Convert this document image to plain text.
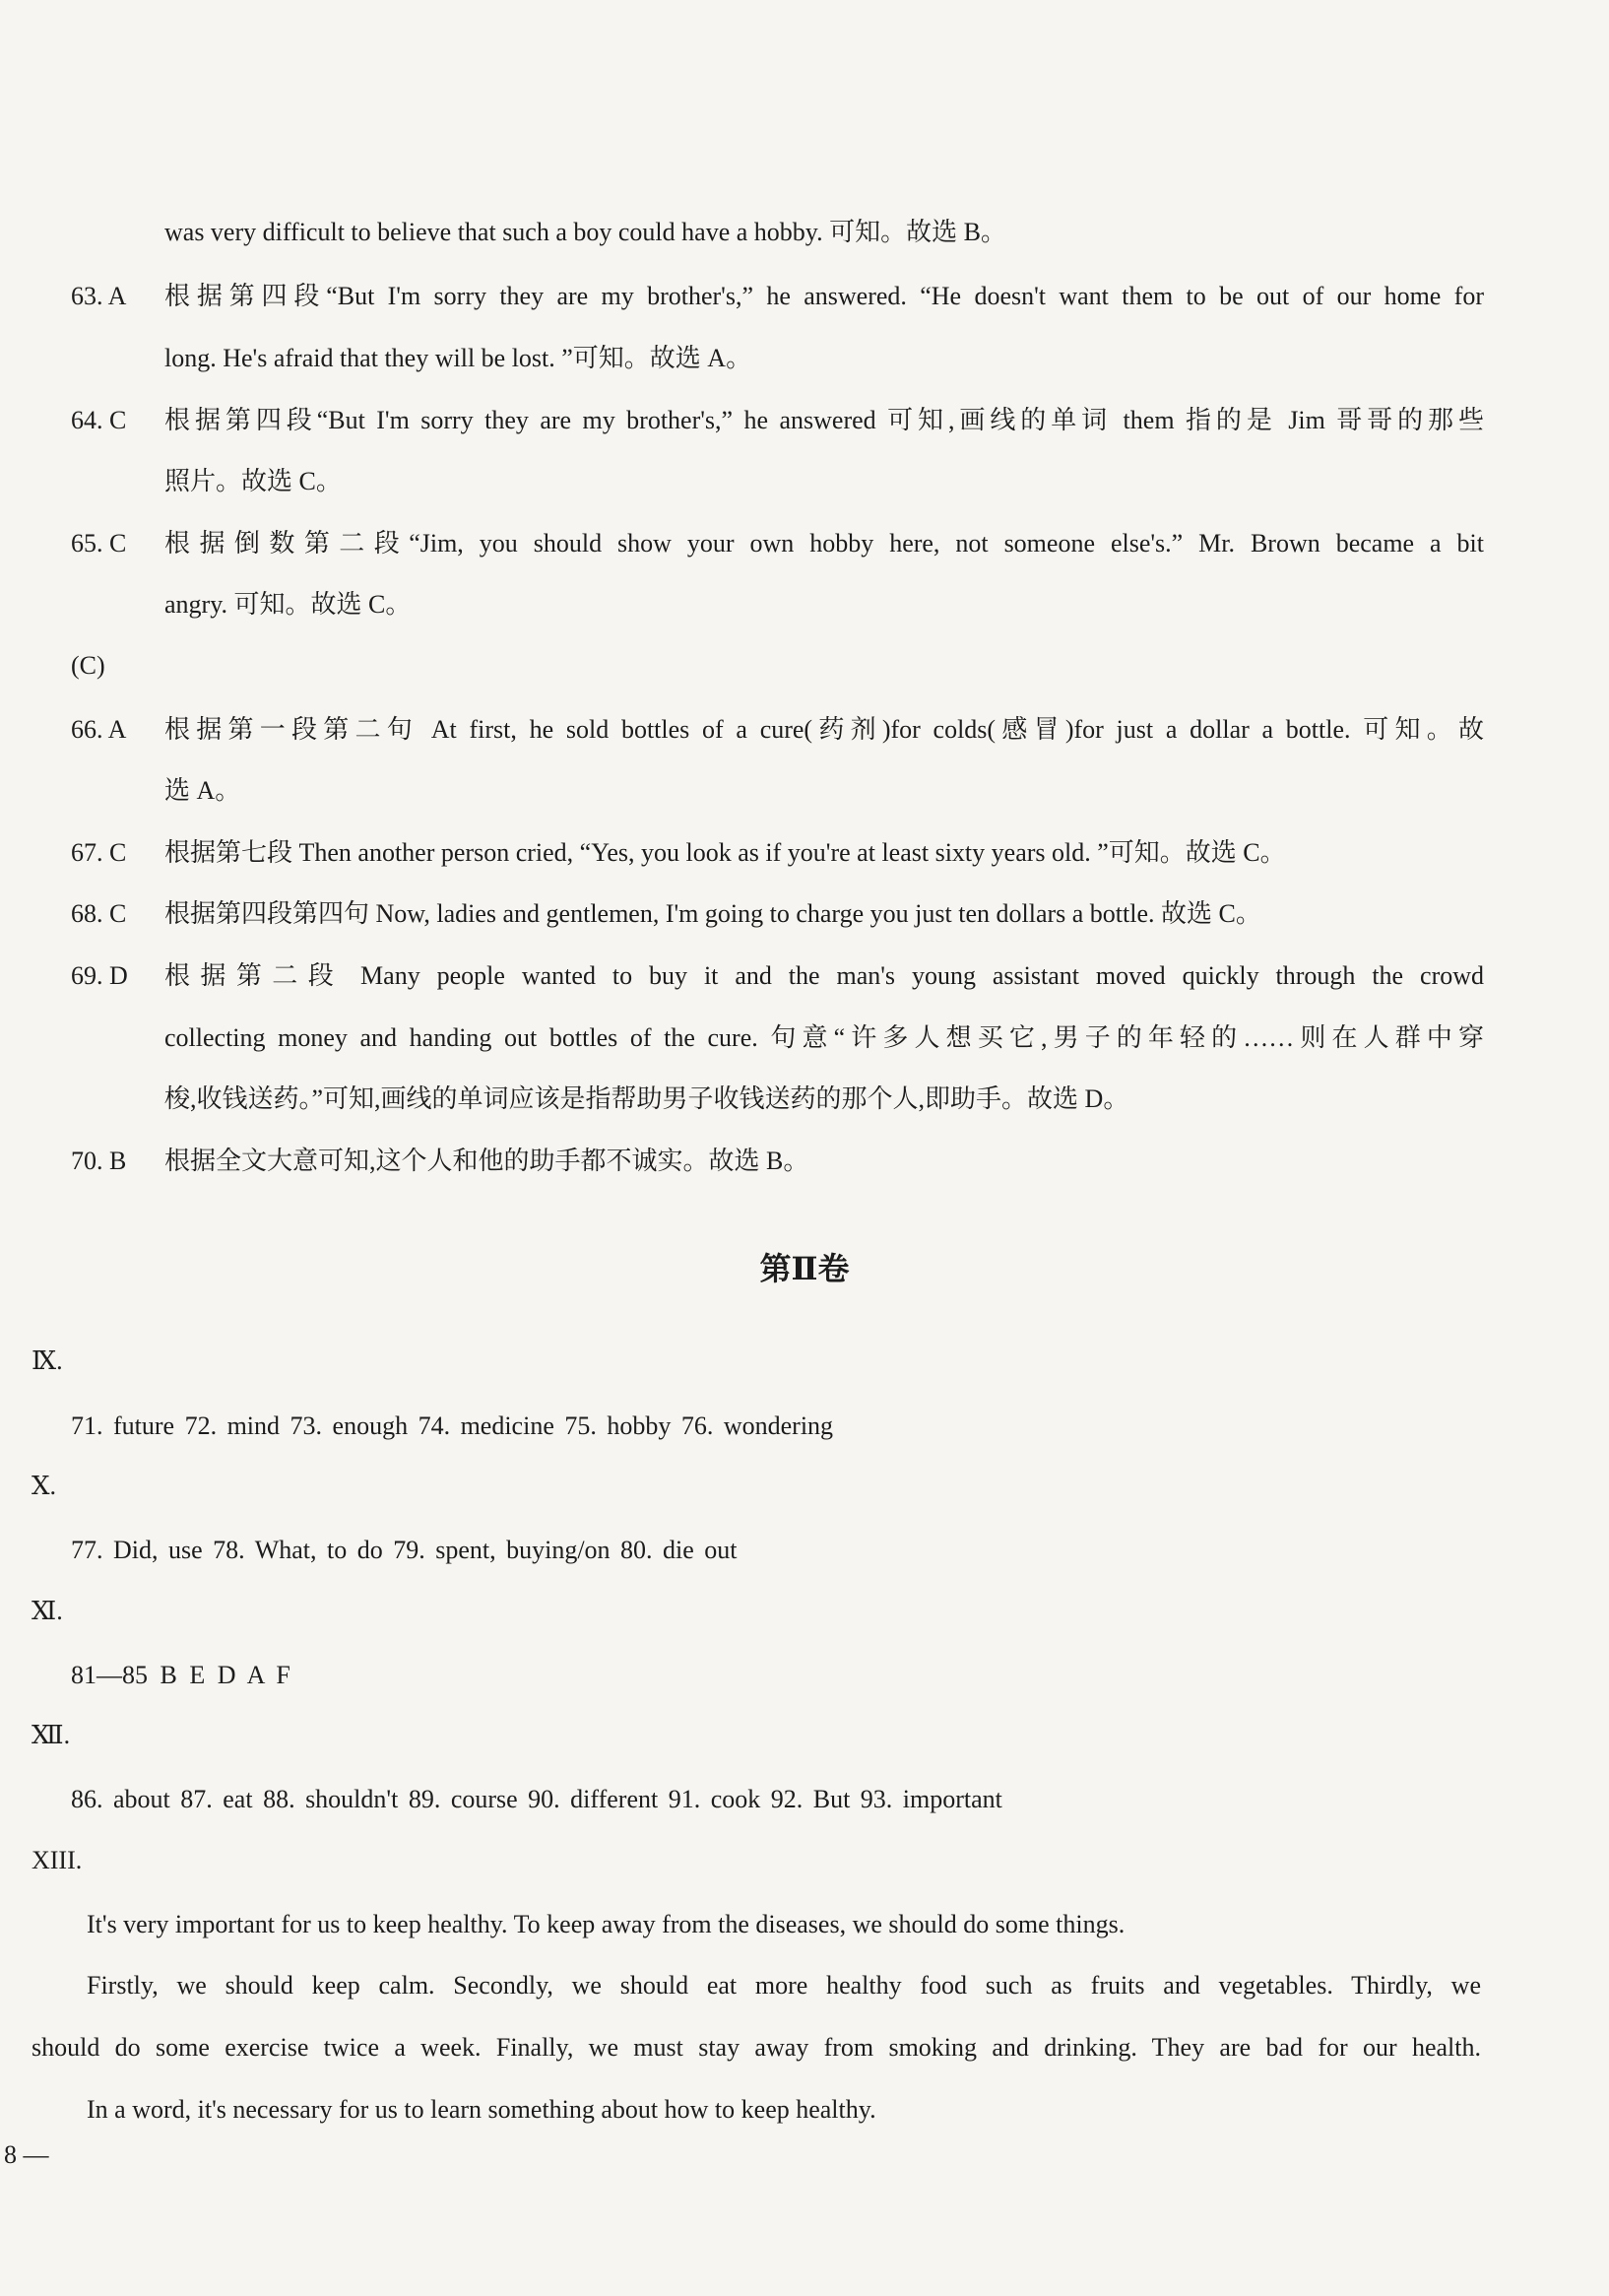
was very difficult to believe that such a boy could have a hobby. 可知。故选 B。
63. A 根据第四段“But I'm sorry they are my brother's,” he answered. “He doesn't want them to be out of our home for
long. He's afraid that they will be lost. ”可知。故选 A。
64. C 根据第四段“But I'm sorry they are my brother's,” he answered 可知,画线的单词 them 指的是 Jim 哥哥的那些
照片。故选 C。
65. C 根据倒数第二段“Jim, you should show your own hobby here, not someone else's.” Mr. Brown became a bit
angry. 可知。故选 C。
(C)
66. A 根据第一段第二句 At first, he sold bottles of a cure(药剂)for colds(感冒)for just a dollar a bottle. 可知。故
选 A。
67. C 根据第七段 Then another person cried, “Yes, you look as if you're at least sixty years old. ”可知。故选 C。
68. C 根据第四段第四句 Now, ladies and gentlemen, I'm going to charge you just ten dollars a bottle. 故选 C。
69. D 根据第二段 Many people wanted to buy it and the man's young assistant moved quickly through the crowd
collecting money and handing out bottles of the cure. 句意“许多人想买它,男子的年轻的……则在人群中穿
梭,收钱送药。”可知,画线的单词应该是指帮助男子收钱送药的那个人,即助手。故选 D。
70. B 根据全文大意可知,这个人和他的助手都不诚实。故选 B。
第Ⅱ卷
Ⅸ.
71. future 72. mind 73. enough 74. medicine 75. hobby 76. wondering
Ⅹ.
77. Did, use 78. What, to do 79. spent, buying/on 80. die out
Ⅺ.
81—85 B E D A F
Ⅻ.
86. about 87. eat 88. shouldn't 89. course 90. different 91. cook 92. But 93. important
XIII.
It's very important for us to keep healthy. To keep away from the diseases, we should do some things.
Firstly, we should keep calm. Secondly, we should eat more healthy food such as fruits and vegetables. Thirdly, we
should do some exercise twice a week. Finally, we must stay away from smoking and drinking. They are bad for our health.
In a word, it's necessary for us to learn something about how to keep healthy.
8 —
